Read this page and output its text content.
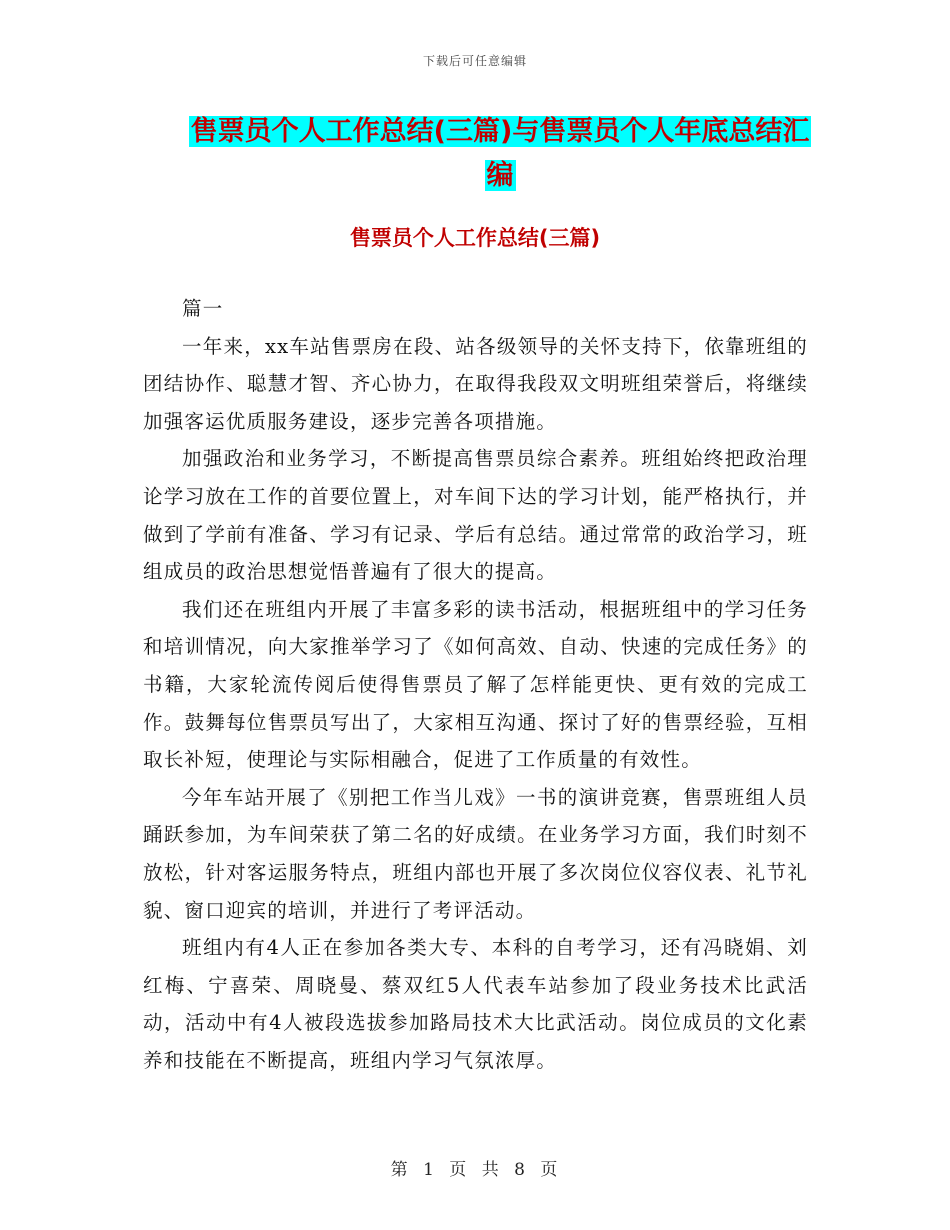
下载后可任意编辑
售票员个人工作总结(三篇)与售票员个人年底总结汇
编
售票员个人工作总结(三篇)

篇一

一年来，xx车站售票房在段、站各级领导的关怀支持下，依靠班组的团结协作、聪慧才智、齐心协力，在取得我段双文明班组荣誉后，将继续加强客运优质服务建设，逐步完善各项措施。

加强政治和业务学习，不断提高售票员综合素养。班组始终把政治理论学习放在工作的首要位置上，对车间下达的学习计划，能严格执行，并做到了学前有准备、学习有记录、学后有总结。通过常常的政治学习，班组成员的政治思想觉悟普遍有了很大的提高。

我们还在班组内开展了丰富多彩的读书活动，根据班组中的学习任务和培训情况，向大家推举学习了《如何高效、自动、快速的完成任务》的书籍，大家轮流传阅后使得售票员了解了怎样能更快、更有效的完成工作。鼓舞每位售票员写出了，大家相互沟通、探讨了好的售票经验，互相取长补短，使理论与实际相融合，促进了工作质量的有效性。

今年车站开展了《别把工作当儿戏》一书的演讲竞赛，售票班组人员踊跃参加，为车间荣获了第二名的好成绩。在业务学习方面，我们时刻不放松，针对客运服务特点，班组内部也开展了多次岗位仪容仪表、礼节礼貌、窗口迎宾的培训，并进行了考评活动。

班组内有4人正在参加各类大专、本科的自考学习，还有冯晓娟、刘红梅、宁喜荣、周晓曼、蔡双红5人代表车站参加了段业务技术比武活动，活动中有4人被段选拔参加路局技术大比武活动。岗位成员的文化素养和技能在不断提高，班组内学习气氛浓厚。

第 1 页 共 8 页
